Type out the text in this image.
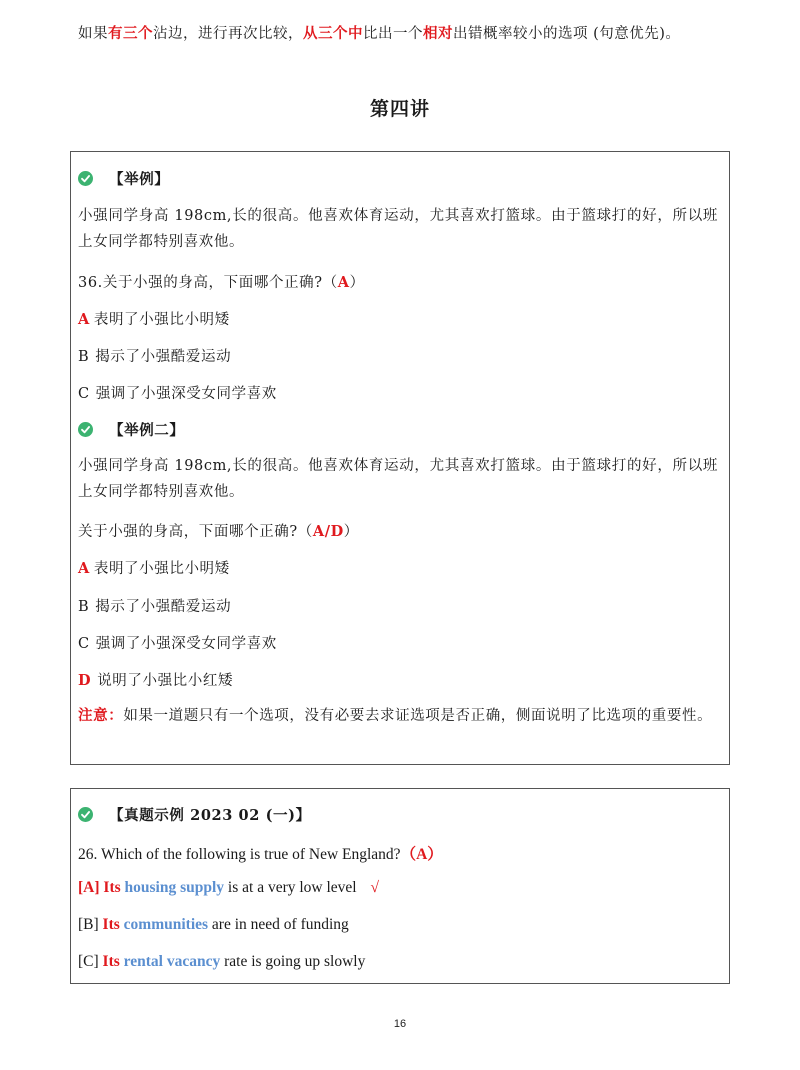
如果有三个沾边，进行再次比较，从三个中比出一个相对出错概率较小的选项 (句意优先)。
第四讲
【举例】
小强同学身高 198cm,长的很高。他喜欢体育运动，尤其喜欢打篮球。由于篮球打的好，所以班上女同学都特别喜欢他。
36.关于小强的身高，下面哪个正确?（A）
A 表明了小强比小明矮
B 揭示了小强酷爱运动
C 强调了小强深受女同学喜欢
【举例二】
小强同学身高 198cm,长的很高。他喜欢体育运动，尤其喜欢打篮球。由于篮球打的好，所以班上女同学都特别喜欢他。
关于小强的身高，下面哪个正确?（A/D）
A 表明了小强比小明矮
B 揭示了小强酷爱运动
C 强调了小强深受女同学喜欢
D 说明了小强比小红矮
注意：如果一道题只有一个选项，没有必要去求证选项是否正确，侧面说明了比选项的重要性。
【真题示例 2023 02 (一)】
26. Which of the following is true of New England?（A）
[A] Its housing supply is at a very low level √
[B] Its communities are in need of funding
[C] Its rental vacancy rate is going up slowly
16
